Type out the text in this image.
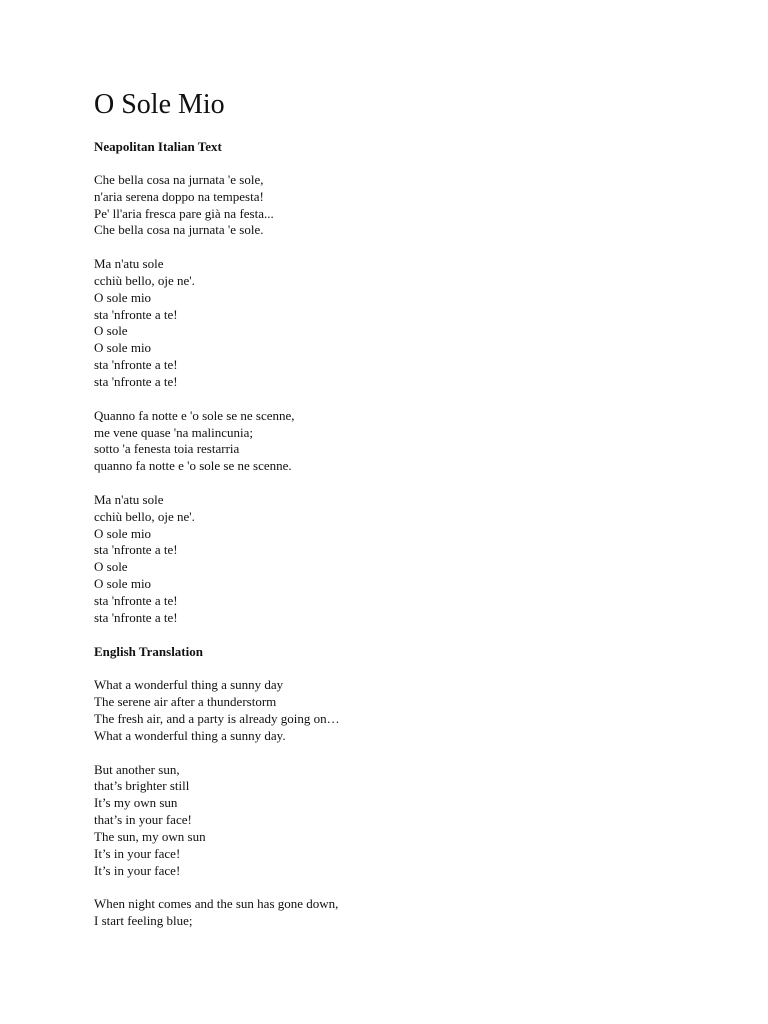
O Sole Mio

Neapolitan Italian Text

Che bella cosa na jurnata 'e sole,
n'aria serena doppo na tempesta!
Pe' ll'aria fresca pare già na festa...
Che bella cosa na jurnata 'e sole.
Ma n'atu sole
cchiù bello, oje ne'.
O sole mio
sta 'nfronte a te!
O sole
O sole mio
sta 'nfronte a te!
sta 'nfronte a te!
Quanno fa notte e 'o sole se ne scenne,
me vene quase 'na malincunia;
sotto 'a fenesta toia restarria
quanno fa notte e 'o sole se ne scenne.
Ma n'atu sole
cchiù bello, oje ne'.
O sole mio
sta 'nfronte a te!
O sole
O sole mio
sta 'nfronte a te!
sta 'nfronte a te!

English Translation

What a wonderful thing a sunny day
The serene air after a thunderstorm
The fresh air, and a party is already going on…
What a wonderful thing a sunny day.
But another sun,
that’s brighter still
It’s my own sun
that’s in your face!
The sun, my own sun
It’s in your face!
It’s in your face!
When night comes and the sun has gone down,
I start feeling blue;
